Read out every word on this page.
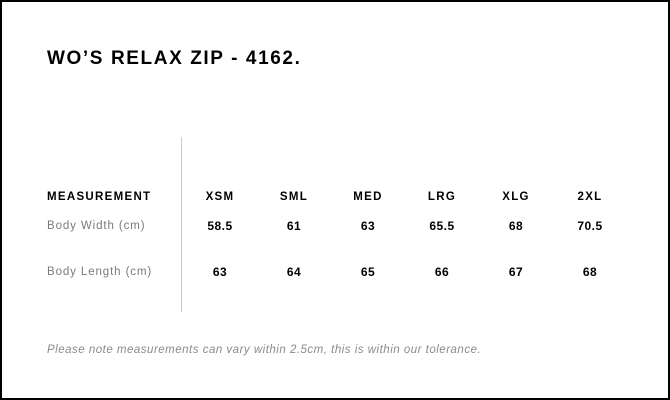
WO’S RELAX ZIP - 4162.
MEASUREMENT	XSM	SML	MED	LRG	XLG	2XL
Body Width (cm)	58.5	61	63	65.5	68	70.5
Body Length (cm)	63	64	65	66	67	68
Please note measurements can vary within 2.5cm, this is within our tolerance.
